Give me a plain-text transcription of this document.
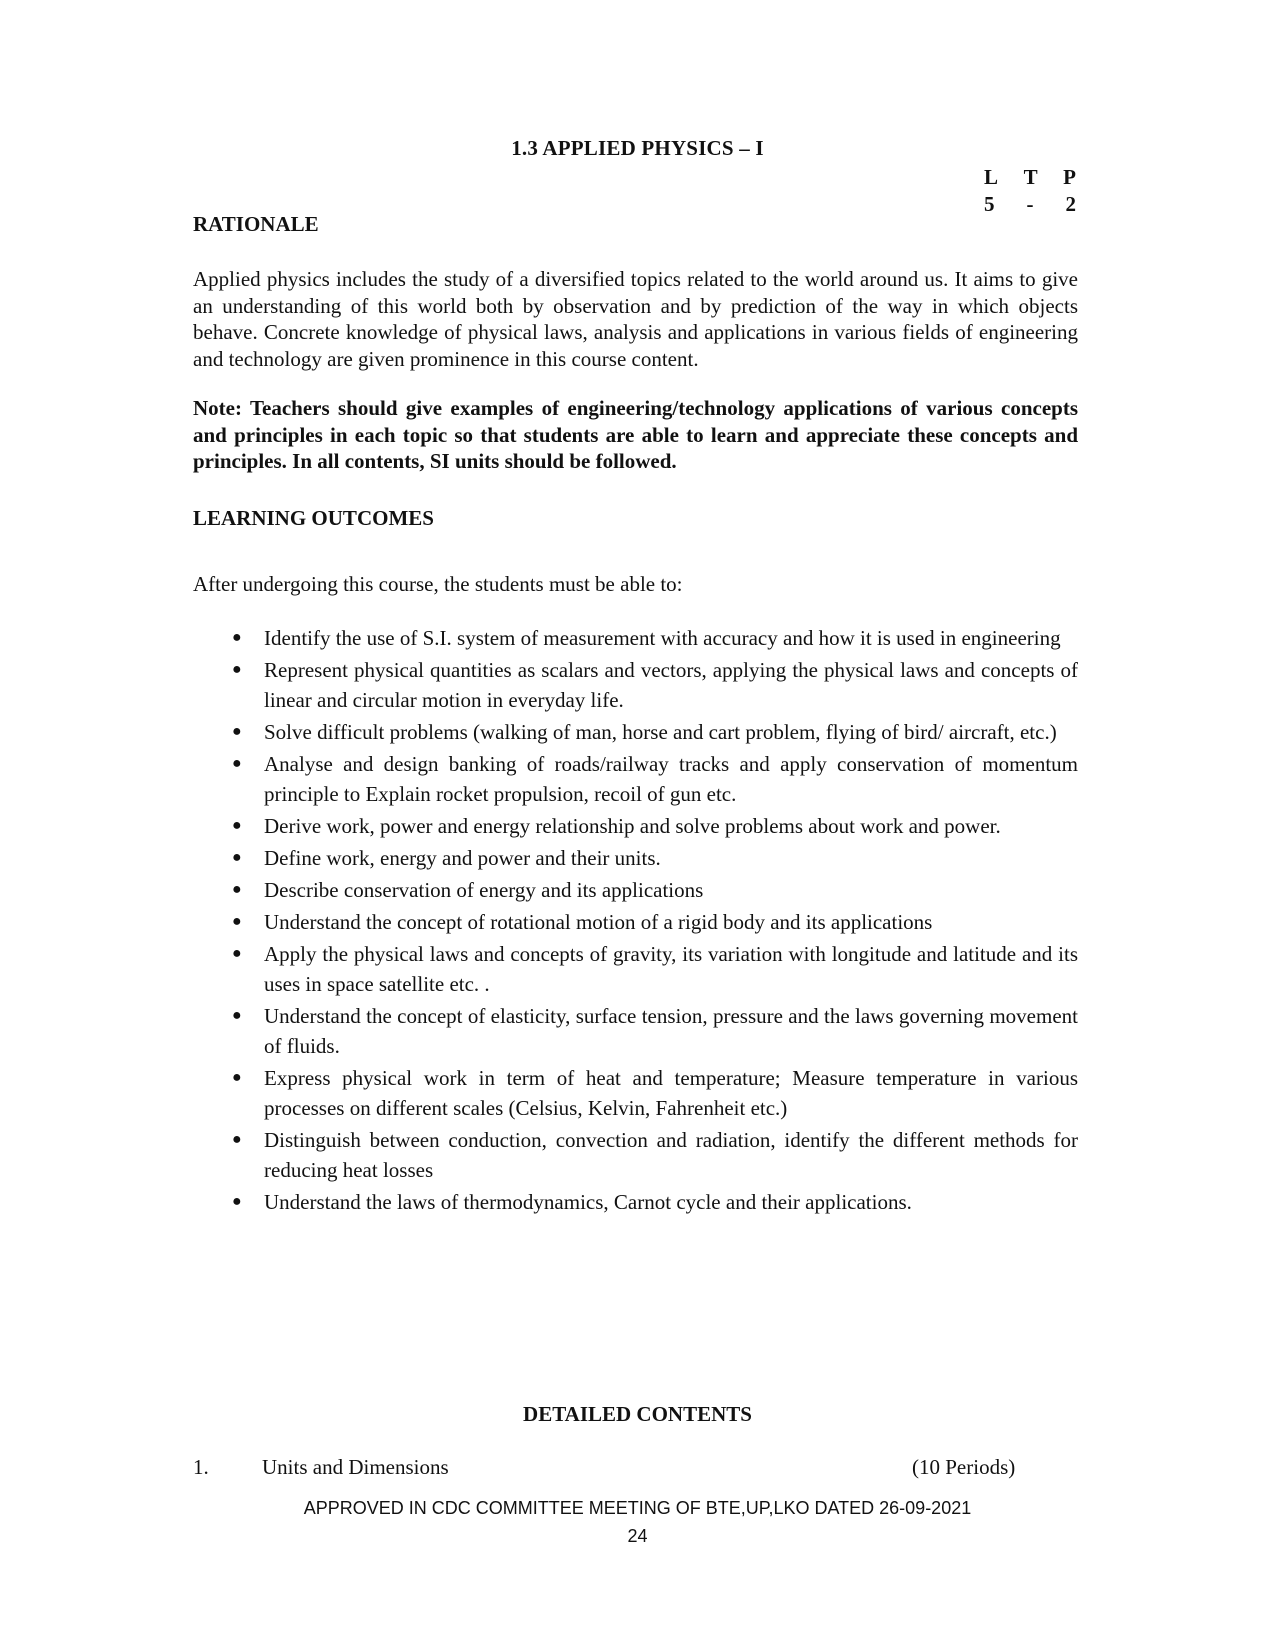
1.3 APPLIED PHYSICS – I
L T P
5 - 2
RATIONALE
Applied physics includes the study of a diversified topics related to the world around us. It aims to give an understanding of this world both by observation and by prediction of the way in which objects behave. Concrete knowledge of physical laws, analysis and applications in various fields of engineering and technology are given prominence in this course content.
Note: Teachers should give examples of engineering/technology applications of various concepts and principles in each topic so that students are able to learn and appreciate these concepts and principles. In all contents, SI units should be followed.
LEARNING OUTCOMES
After undergoing this course, the students must be able to:
● Identify the use of S.I. system of measurement with accuracy and how it is used in engineering
● Represent physical quantities as scalars and vectors, applying the physical laws and concepts of linear and circular motion in everyday life.
● Solve difficult problems (walking of man, horse and cart problem, flying of bird/ aircraft, etc.)
● Analyse and design banking of roads/railway tracks and apply conservation of momentum principle to Explain rocket propulsion, recoil of gun etc.
● Derive work, power and energy relationship and solve problems about work and power.
● Define work, energy and power and their units.
● Describe conservation of energy and its applications
● Understand the concept of rotational motion of a rigid body and its applications
● Apply the physical laws and concepts of gravity, its variation with longitude and latitude and its uses in space satellite etc. .
● Understand the concept of elasticity, surface tension, pressure and the laws governing movement of fluids.
● Express physical work in term of heat and temperature; Measure temperature in various processes on different scales (Celsius, Kelvin, Fahrenheit etc.)
● Distinguish between conduction, convection and radiation, identify the different methods for reducing heat losses
● Understand the laws of thermodynamics, Carnot cycle and their applications.
DETAILED CONTENTS
1.	Units and Dimensions	(10 Periods)
APPROVED IN CDC COMMITTEE MEETING OF BTE,UP,LKO DATED 26-09-2021
24
